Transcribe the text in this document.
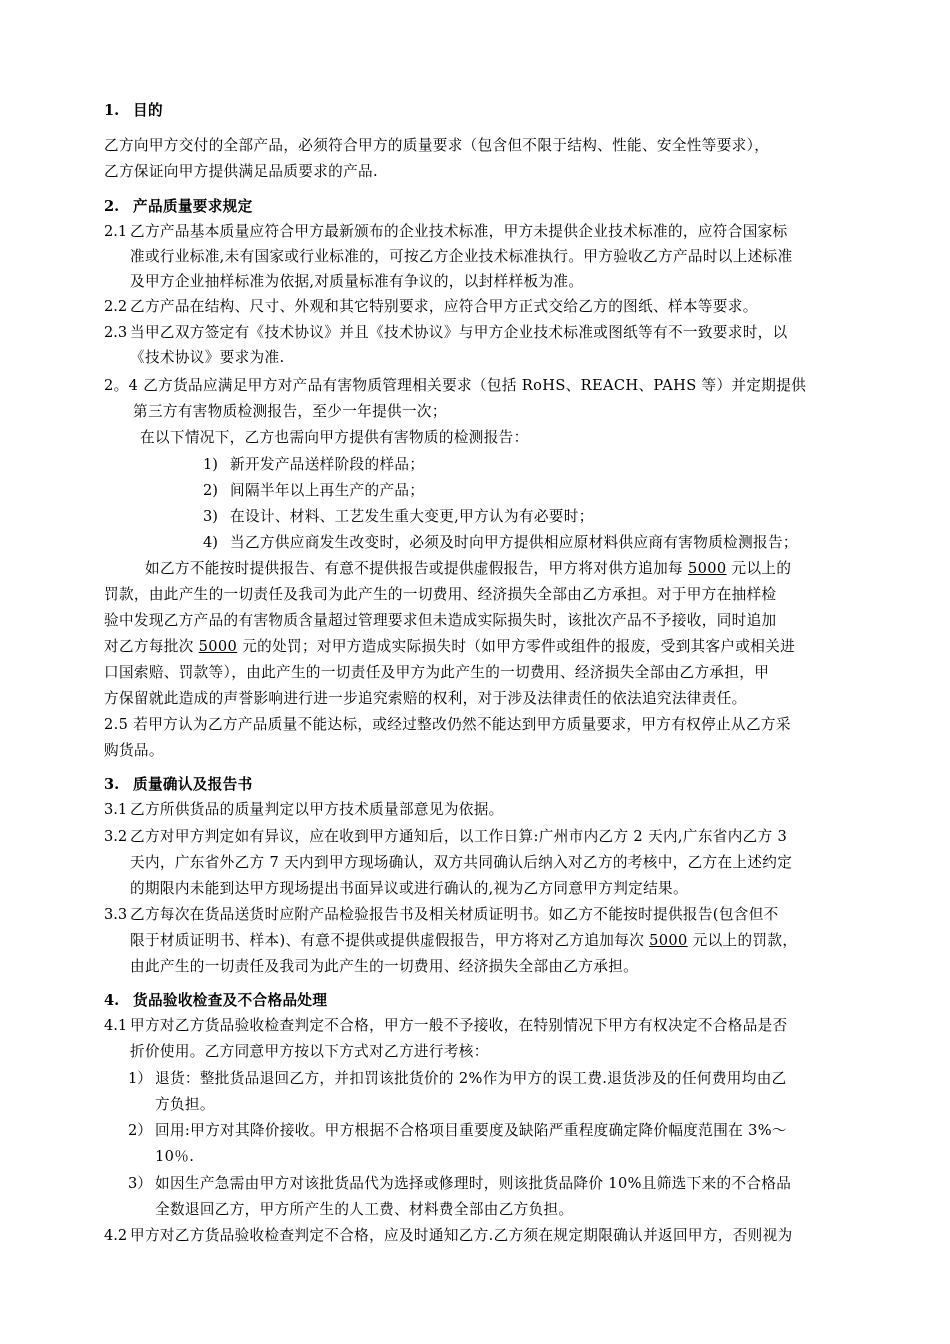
1. 目的
乙方向甲方交付的全部产品，必须符合甲方的质量要求（包含但不限于结构、性能、安全性等要求），
乙方保证向甲方提供满足品质要求的产品.
2. 产品质量要求规定
2.1 乙方产品基本质量应符合甲方最新颁布的企业技术标准，甲方未提供企业技术标准的，应符合国家标
准或行业标准,未有国家或行业标准的，可按乙方企业技术标准执行。甲方验收乙方产品时以上述标准
及甲方企业抽样标准为依据,对质量标准有争议的，以封样样板为准。
2.2 乙方产品在结构、尺寸、外观和其它特别要求，应符合甲方正式交给乙方的图纸、样本等要求。
2.3 当甲乙双方签定有《技术协议》并且《技术协议》与甲方企业技术标准或图纸等有不一致要求时，以
《技术协议》要求为准.
2。4 乙方货品应满足甲方对产品有害物质管理相关要求（包括 RoHS、REACH、PAHS 等）并定期提供
第三方有害物质检测报告，至少一年提供一次；
在以下情况下，乙方也需向甲方提供有害物质的检测报告：
1) 新开发产品送样阶段的样品；
2) 间隔半年以上再生产的产品；
3) 在设计、材料、工艺发生重大变更,甲方认为有必要时；
4) 当乙方供应商发生改变时，必须及时向甲方提供相应原材料供应商有害物质检测报告；
如乙方不能按时提供报告、有意不提供报告或提供虚假报告，甲方将对供方追加每 5000 元以上的
罚款，由此产生的一切责任及我司为此产生的一切费用、经济损失全部由乙方承担。对于甲方在抽样检
验中发现乙方产品的有害物质含量超过管理要求但未造成实际损失时，该批次产品不予接收，同时追加
对乙方每批次 5000 元的处罚；对甲方造成实际损失时（如甲方零件或组件的报废，受到其客户或相关进
口国索赔、罚款等），由此产生的一切责任及甲方为此产生的一切费用、经济损失全部由乙方承担，甲
方保留就此造成的声誉影响进行进一步追究索赔的权利，对于涉及法律责任的依法追究法律责任。
2.5 若甲方认为乙方产品质量不能达标，或经过整改仍然不能达到甲方质量要求，甲方有权停止从乙方采
购货品。
3. 质量确认及报告书
3.1 乙方所供货品的质量判定以甲方技术质量部意见为依据。
3.2 乙方对甲方判定如有异议，应在收到甲方通知后，以工作日算:广州市内乙方 2 天内,广东省内乙方 3
天内，广东省外乙方 7 天内到甲方现场确认，双方共同确认后纳入对乙方的考核中，乙方在上述约定
的期限内未能到达甲方现场提出书面异议或进行确认的,视为乙方同意甲方判定结果。
3.3 乙方每次在货品送货时应附产品检验报告书及相关材质证明书。如乙方不能按时提供报告(包含但不
限于材质证明书、样本)、有意不提供或提供虚假报告，甲方将对乙方追加每次 5000 元以上的罚款，
由此产生的一切责任及我司为此产生的一切费用、经济损失全部由乙方承担。
4. 货品验收检查及不合格品处理
4.1 甲方对乙方货品验收检查判定不合格，甲方一般不予接收，在特别情况下甲方有权决定不合格品是否
折价使用。乙方同意甲方按以下方式对乙方进行考核：
1） 退货：整批货品退回乙方，并扣罚该批货价的 2%作为甲方的误工费.退货涉及的任何费用均由乙
方负担。
2） 回用:甲方对其降价接收。甲方根据不合格项目重要度及缺陷严重程度确定降价幅度范围在 3%～
10％.
3） 如因生产急需由甲方对该批货品代为选择或修理时，则该批货品降价 10%且筛选下来的不合格品
全数退回乙方，甲方所产生的人工费、材料费全部由乙方负担。
4.2 甲方对乙方货品验收检查判定不合格，应及时通知乙方.乙方须在规定期限确认并返回甲方，否则视为
